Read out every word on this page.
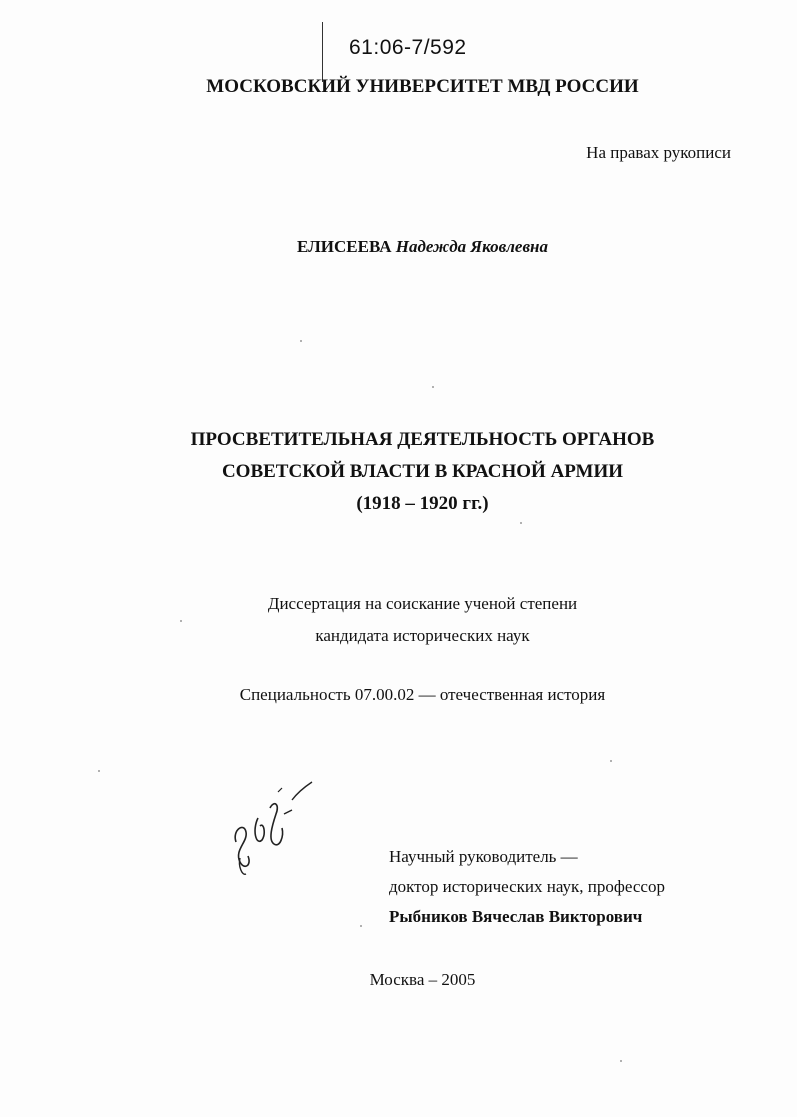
61:06-7/592
МОСКОВСКИЙ УНИВЕРСИТЕТ МВД РОССИИ
На правах рукописи
ЕЛИСЕЕВА Надежда Яковлевна
ПРОСВЕТИТЕЛЬНАЯ ДЕЯТЕЛЬНОСТЬ ОРГАНОВ
СОВЕТСКОЙ ВЛАСТИ В КРАСНОЙ АРМИИ
(1918 – 1920 гг.)
Диссертация на соискание ученой степени
кандидата исторических наук
Специальность 07.00.02 — отечественная история
Научный руководитель —
доктор исторических наук, профессор
Рыбников Вячеслав Викторович
Москва – 2005
